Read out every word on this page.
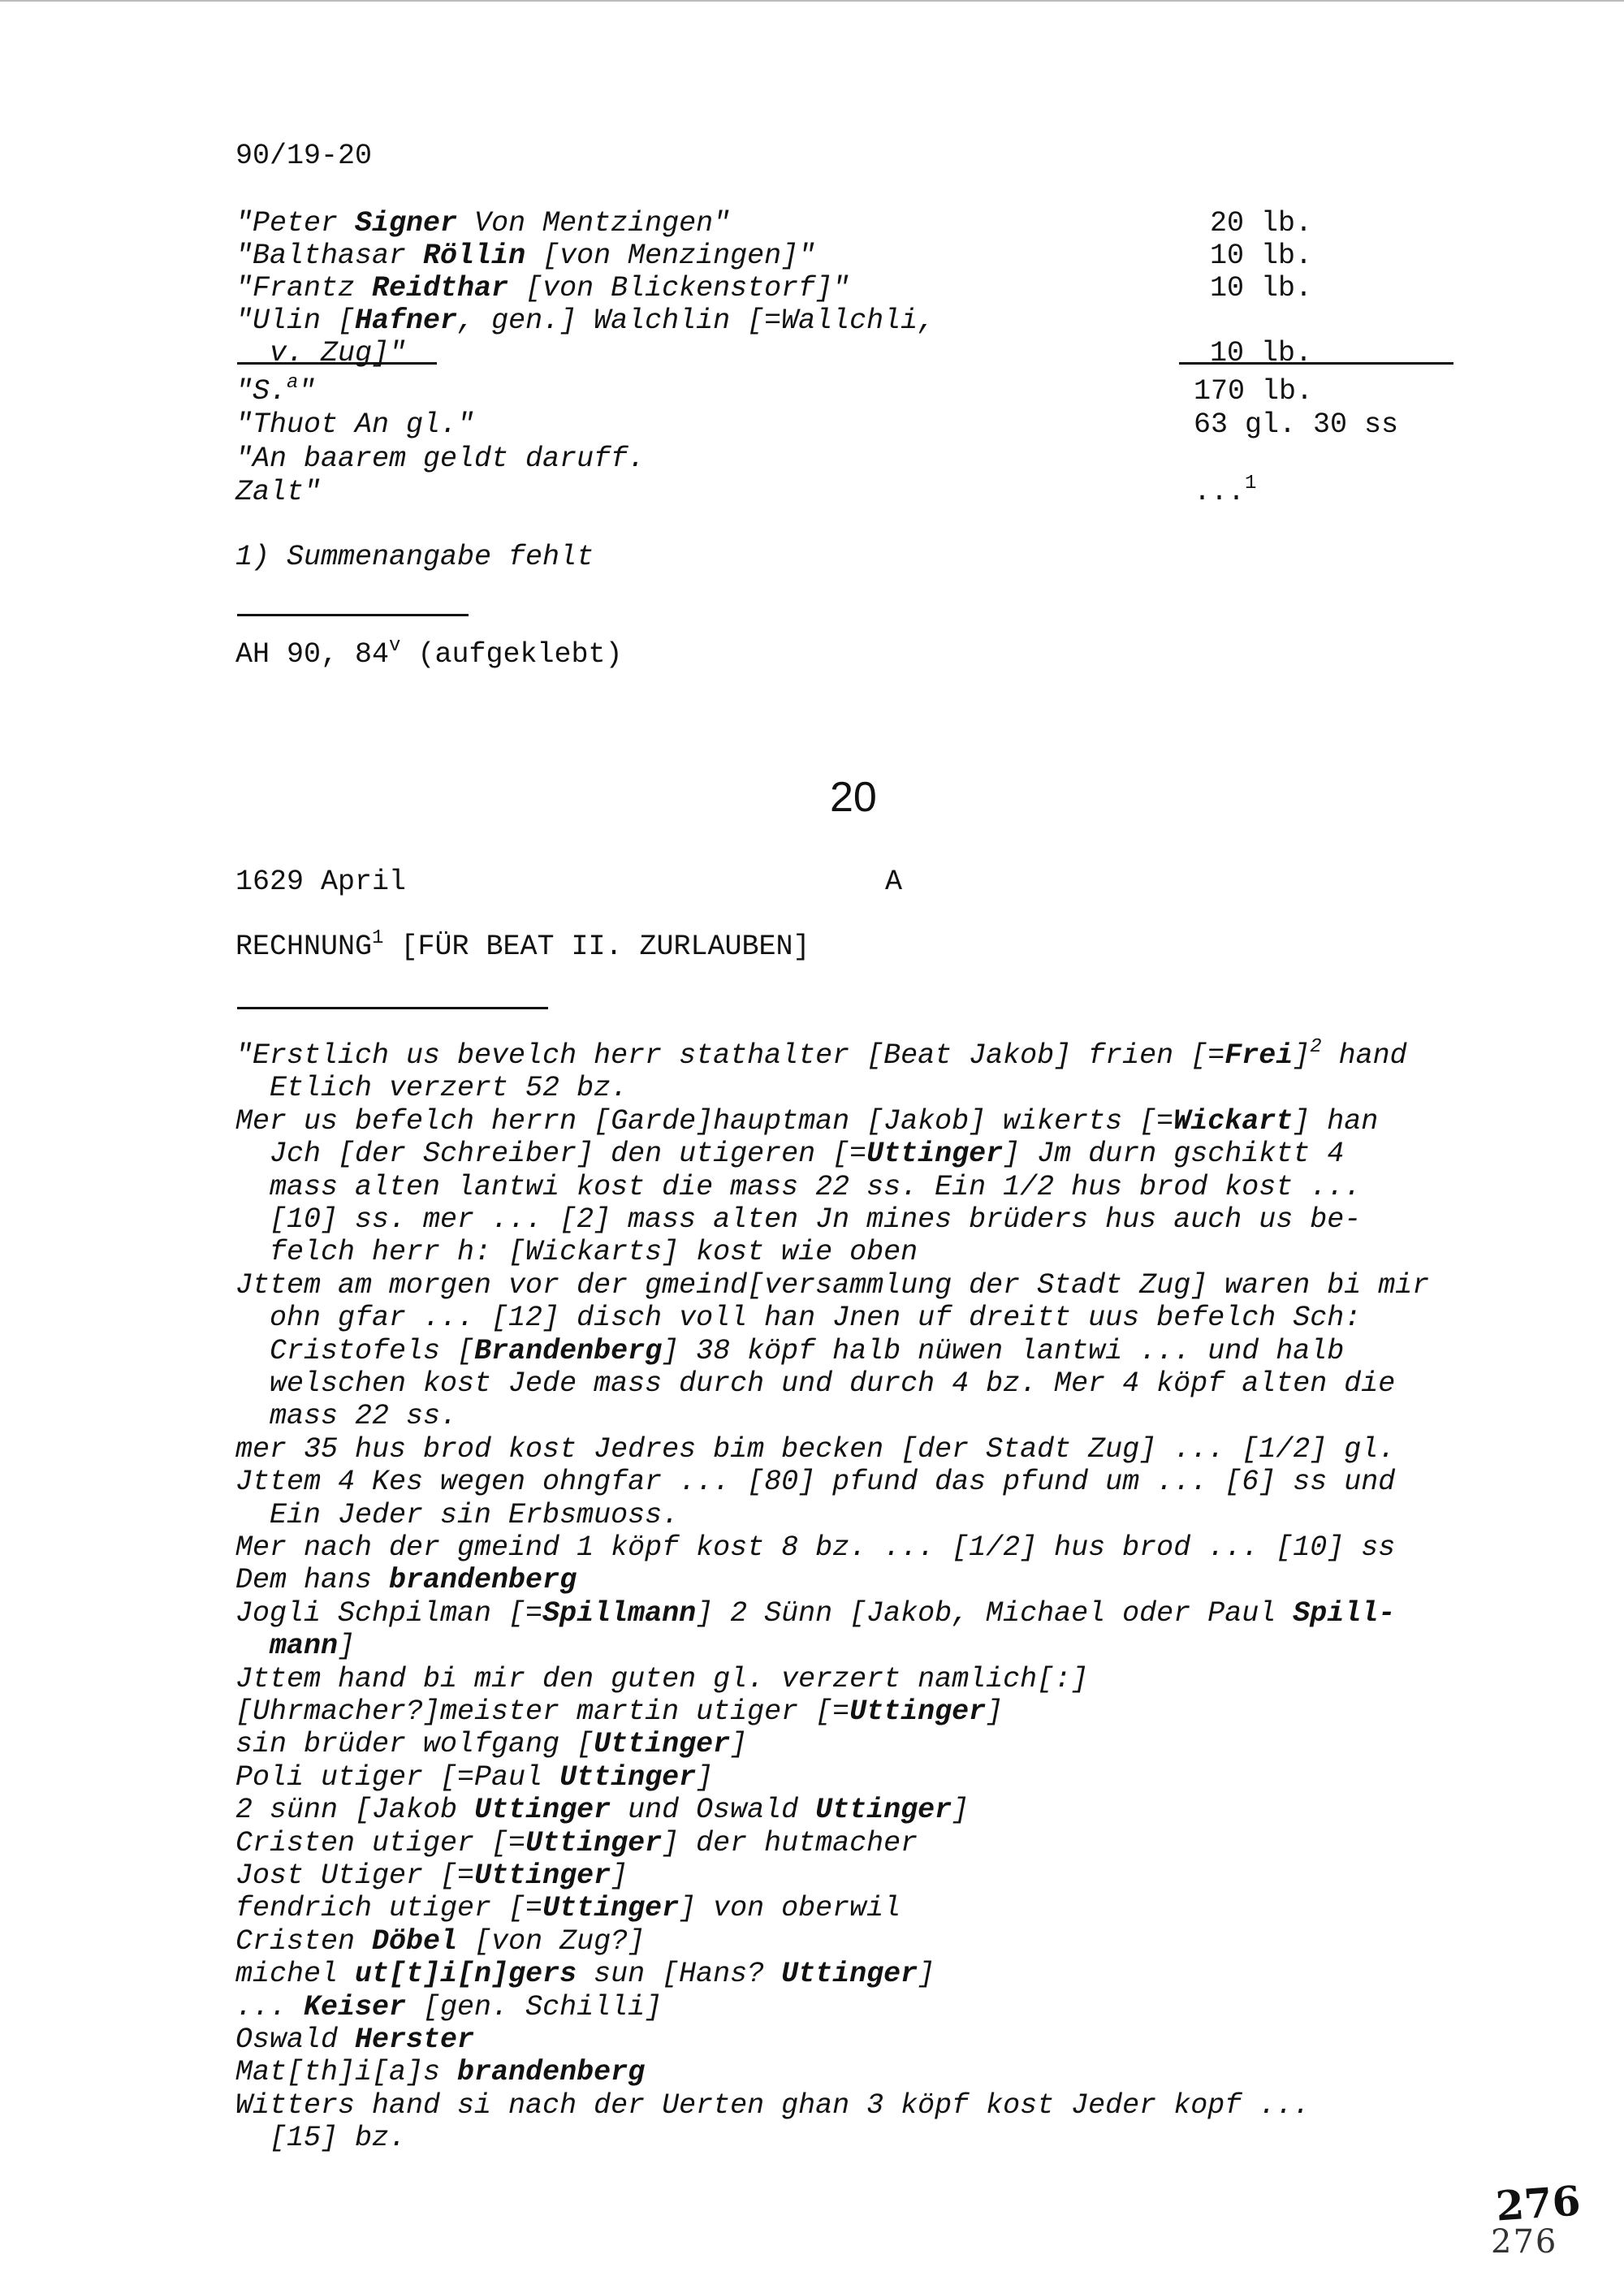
90/19-20
"Peter Signer Von Mentzingen"	20 lb.
"Balthasar Röllin [von Menzingen]"	10 lb.
"Frantz Reidthar [von Blickenstorf]"	10 lb.
"Ulin [Hafner, gen.] Walchlin [=Wallchli,
v. Zug]"	10 lb.
"S.$^a$"	170 lb.
"Thuot An gl."	63 gl. 30 ss
"An baarem geldt daruff.
Zalt"	...$^1$
1) Summenangabe fehlt
AH 90, 84$^v$ (aufgeklebt)
20
1629 April	A
RECHNUNG$^1$ [FÜR BEAT II. ZURLAUBEN]
"Erstlich us bevelch herr stathalter [Beat Jakob] frien [=Frei]$^2$ hand
Etlich verzert 52 bz.
Mer us befelch herrn [Garde]hauptman [Jakob] wikerts [=Wickart] han
Jch [der Schreiber] den utigeren [=Uttinger] Jm durn gschiktt 4
mass alten lantwi kost die mass 22 ss. Ein 1/2 hus brod kost ...
[10] ss. mer ... [2] mass alten Jn mines brüders hus auch us be-
felch herr h: [Wickarts] kost wie oben
Jttem am morgen vor der gmeind[versammlung der Stadt Zug] waren bi mir
ohn gfar ... [12] disch voll han Jnen uf dreitt uus befelch Sch:
Cristofels [Brandenberg] 38 köpf halb nüwen lantwi ... und halb
welschen kost Jede mass durch und durch 4 bz. Mer 4 köpf alten die
mass 22 ss.
mer 35 hus brod kost Jedres bim becken [der Stadt Zug] ... [1/2] gl.
Jttem 4 Kes wegen ohngfar ... [80] pfund das pfund um ... [6] ss und
Ein Jeder sin Erbsmuoss.
Mer nach der gmeind 1 köpf kost 8 bz. ... [1/2] hus brod ... [10] ss
Dem hans brandenberg
Jogli Schpilman [=Spillmann] 2 Sünn [Jakob, Michael oder Paul Spill-
mann]
Jttem hand bi mir den guten gl. verzert namlich[:]
[Uhrmacher?]meister martin utiger [=Uttinger]
sin brüder wolfgang [Uttinger]
Poli utiger [=Paul Uttinger]
2 sünn [Jakob Uttinger und Oswald Uttinger]
Cristen utiger [=Uttinger] der hutmacher
Jost Utiger [=Uttinger]
fendrich utiger [=Uttinger] von oberwil
Cristen Döbel [von Zug?]
michel ut[t]i[n]gers sun [Hans? Uttinger]
... Keiser [gen. Schilli]
Oswald Herster
Mat[th]i[a]s brandenberg
Witters hand si nach der Uerten ghan 3 köpf kost Jeder kopf ...
[15] bz.
276
276
